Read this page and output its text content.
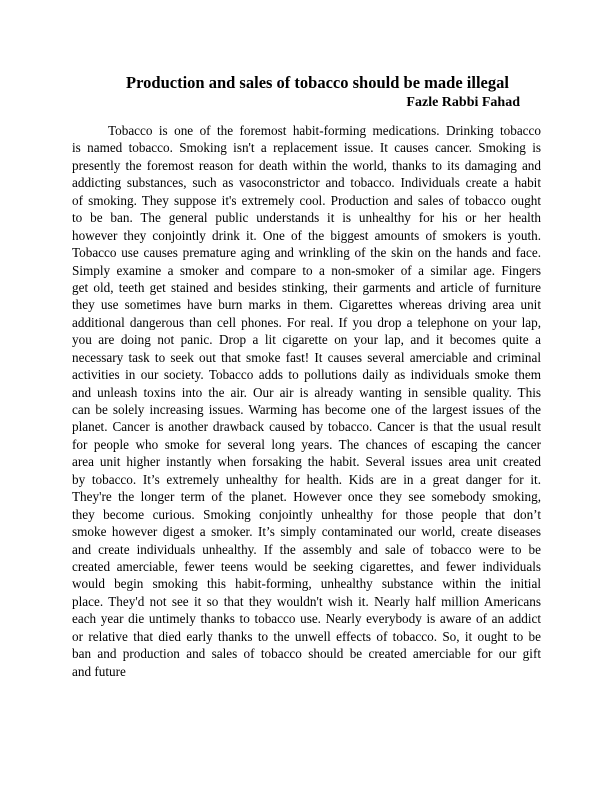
Production and sales of tobacco should be made illegal
Fazle Rabbi Fahad
Tobacco is one of the foremost habit-forming medications. Drinking tobacco
is named tobacco. Smoking isn't a replacement issue. It causes cancer. Smoking is
presently the foremost reason for death within the world, thanks to its damaging and
addicting substances, such as vasoconstrictor and tobacco. Individuals create a habit
of smoking. They suppose it's extremely cool. Production and sales of tobacco ought
to be ban. The general public understands it is unhealthy for his or her health
however they conjointly drink it. One of the biggest amounts of smokers is youth.
Tobacco use causes premature aging and wrinkling of the skin on the hands and face.
Simply examine a smoker and compare to a non-smoker of a similar age. Fingers
get old, teeth get stained and besides stinking, their garments and article of furniture
they use sometimes have burn marks in them. Cigarettes whereas driving area unit
additional dangerous than cell phones. For real. If you drop a telephone on your lap,
you are doing not panic. Drop a lit cigarette on your lap, and it becomes quite a
necessary task to seek out that smoke fast! It causes several amerciable and criminal
activities in our society. Tobacco adds to pollutions daily as individuals smoke them
and unleash toxins into the air. Our air is already wanting in sensible quality. This
can be solely increasing issues. Warming has become one of the largest issues of the
planet. Cancer is another drawback caused by tobacco. Cancer is that the usual result
for people who smoke for several long years. The chances of escaping the cancer
area unit higher instantly when forsaking the habit. Several issues area unit created
by tobacco. It’s extremely unhealthy for health. Kids are in a great danger for it.
They're the longer term of the planet. However once they see somebody smoking,
they become curious. Smoking conjointly unhealthy for those people that don’t
smoke however digest a smoker. It’s simply contaminated our world, create diseases
and create individuals unhealthy. If the assembly and sale of tobacco were to be
created amerciable, fewer teens would be seeking cigarettes, and fewer individuals
would begin smoking this habit-forming, unhealthy substance within the initial
place. They'd not see it so that they wouldn't wish it. Nearly half million Americans
each year die untimely thanks to tobacco use. Nearly everybody is aware of an addict
or relative that died early thanks to the unwell effects of tobacco. So, it ought to be
ban and production and sales of tobacco should be created amerciable for our gift
and future
